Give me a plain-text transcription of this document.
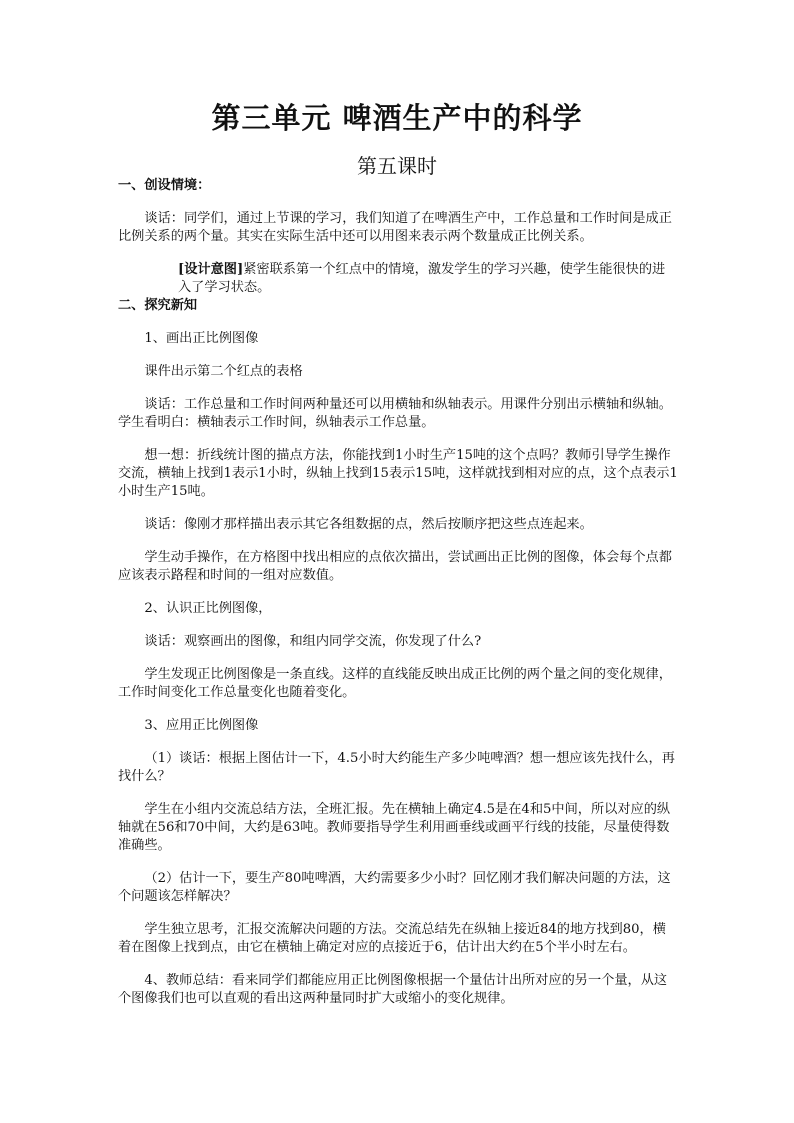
第三单元 啤酒生产中的科学
第五课时
一、创设情境：

谈话：同学们，通过上节课的学习，我们知道了在啤酒生产中，工作总量和工作时间是成正比例关系的两个量。其实在实际生活中还可以用图来表示两个数量成正比例关系。

[设计意图]紧密联系第一个红点中的情境，激发学生的学习兴趣，使学生能很快的进入了学习状态。

二、探究新知

1、画出正比例图像

课件出示第二个红点的表格

谈话：工作总量和工作时间两种量还可以用横轴和纵轴表示。用课件分别出示横轴和纵轴。学生看明白：横轴表示工作时间，纵轴表示工作总量。

想一想：折线统计图的描点方法，你能找到1小时生产15吨的这个点吗？教师引导学生操作交流，横轴上找到1表示1小时，纵轴上找到15表示15吨，这样就找到相对应的点，这个点表示1小时生产15吨。

谈话：像刚才那样描出表示其它各组数据的点，然后按顺序把这些点连起来。

学生动手操作，在方格图中找出相应的点依次描出，尝试画出正比例的图像，体会每个点都应该表示路程和时间的一组对应数值。

2、认识正比例图像，

谈话：观察画出的图像，和组内同学交流，你发现了什么?

学生发现正比例图像是一条直线。这样的直线能反映出成正比例的两个量之间的变化规律，工作时间变化工作总量变化也随着变化。

3、应用正比例图像

（1）谈话：根据上图估计一下，4.5小时大约能生产多少吨啤酒？想一想应该先找什么，再找什么？

学生在小组内交流总结方法，全班汇报。先在横轴上确定4.5是在4和5中间，所以对应的纵轴就在56和70中间，大约是63吨。教师要指导学生利用画垂线或画平行线的技能，尽量使得数准确些。

（2）估计一下，要生产80吨啤酒，大约需要多少小时？回忆刚才我们解决问题的方法，这个问题该怎样解决？

学生独立思考，汇报交流解决问题的方法。交流总结先在纵轴上接近84的地方找到80，横着在图像上找到点，由它在横轴上确定对应的点接近于6，估计出大约在5个半小时左右。

4、教师总结：看来同学们都能应用正比例图像根据一个量估计出所对应的另一个量，从这个图像我们也可以直观的看出这两种量同时扩大或缩小的变化规律。
